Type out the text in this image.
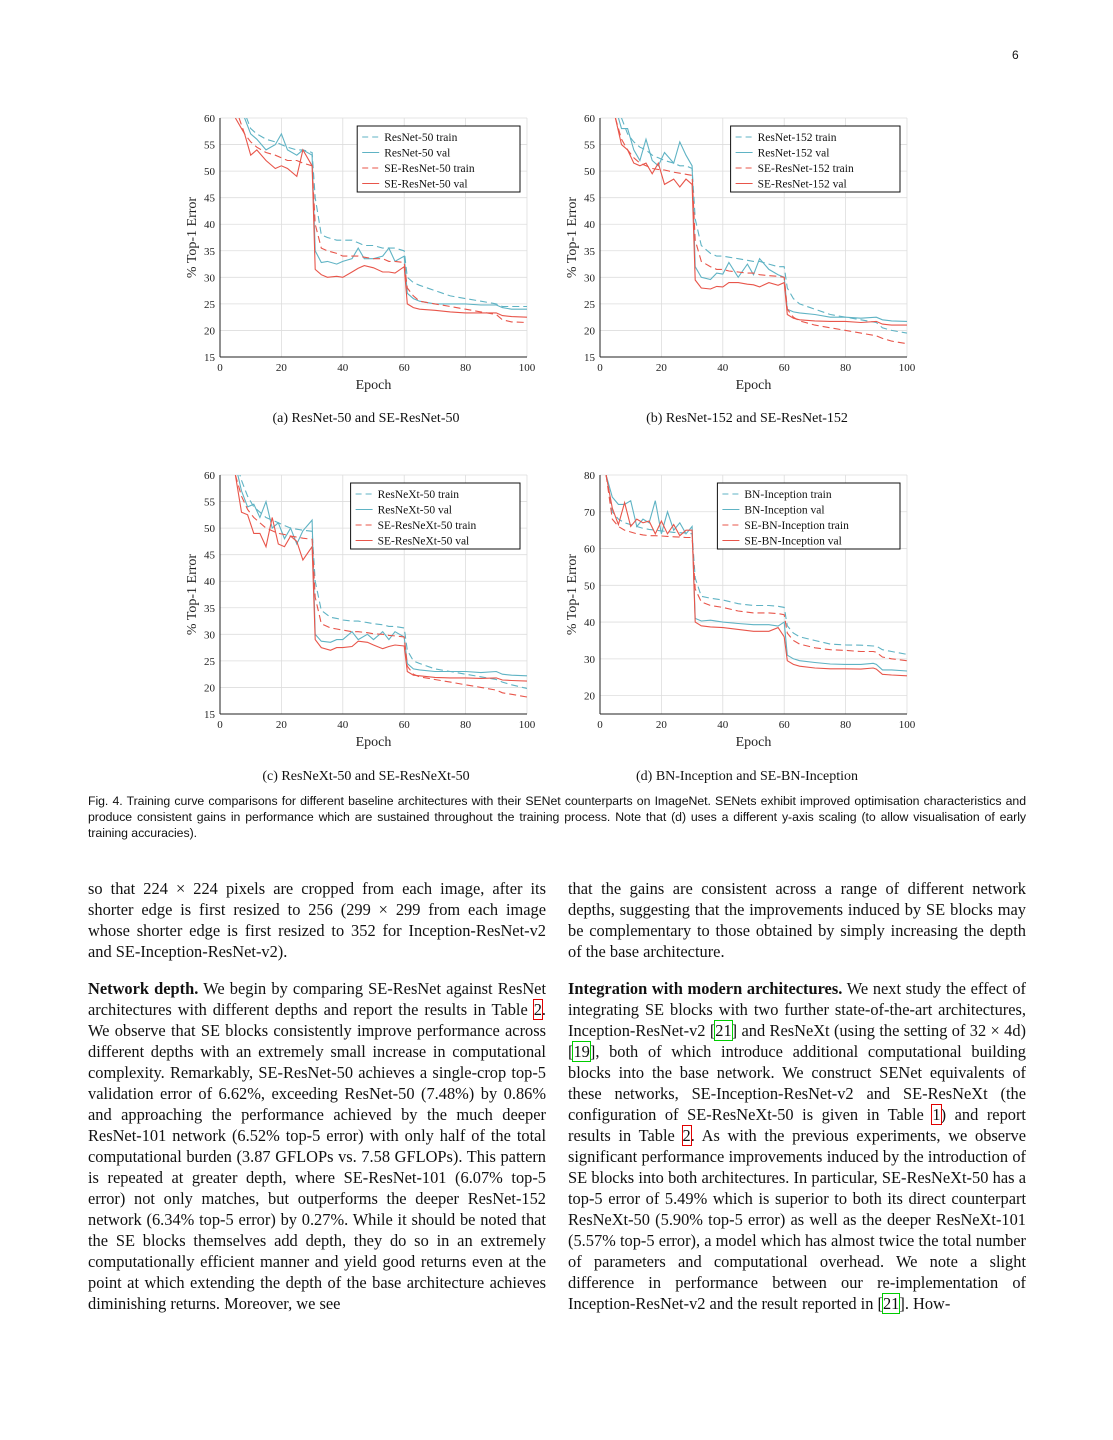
6
0	20	40	60	80	100
15
20
25
30
35
40
45
50
55
60
Epoch
% Top-1 Error
ResNet-50 train
ResNet-50 val
SE-ResNet-50 train
SE-ResNet-50 val
0	20	40	60	80	100
15
20
25
30
35
40
45
50
55
60
Epoch
% Top-1 Error
ResNet-152 train
ResNet-152 val
SE-ResNet-152 train
SE-ResNet-152 val
0	20	40	60	80	100
15
20
25
30
35
40
45
50
55
60
Epoch
% Top-1 Error
ResNeXt-50 train
ResNeXt-50 val
SE-ResNeXt-50 train
SE-ResNeXt-50 val
0	20	40	60	80	100
20
30
40
50
60
70
80
Epoch
% Top-1 Error
BN-Inception train
BN-Inception val
SE-BN-Inception train
SE-BN-Inception val
(a) ResNet-50 and SE-ResNet-50	(b) ResNet-152 and SE-ResNet-152
(c) ResNeXt-50 and SE-ResNeXt-50	(d) BN-Inception and SE-BN-Inception
Fig. 4. Training curve comparisons for different baseline architectures with their SENet counterparts on ImageNet. SENets exhibit improved optimisation characteristics and produce consistent gains in performance which are sustained throughout the training process. Note that (d) uses a different y-axis scaling (to allow visualisation of early training accuracies).

so that 224 × 224 pixels are cropped from each image, after its shorter edge is first resized to 256 (299 × 299 from each image whose shorter edge is first resized to 352 for Inception-ResNet-v2 and SE-Inception-ResNet-v2).

Network depth. We begin by comparing SE-ResNet against ResNet architectures with different depths and report the results in Table 2. We observe that SE blocks consistently improve performance across different depths with an extremely small increase in computational complexity. Remarkably, SE-ResNet-50 achieves a single-crop top-5 validation error of 6.62%, exceeding ResNet-50 (7.48%) by 0.86% and approaching the performance achieved by the much deeper ResNet-101 network (6.52% top-5 error) with only half of the total computational burden (3.87 GFLOPs vs. 7.58 GFLOPs). This pattern is repeated at greater depth, where SE-ResNet-101 (6.07% top-5 error) not only matches, but outperforms the deeper ResNet-152 network (6.34% top-5 error) by 0.27%. While it should be noted that the SE blocks themselves add depth, they do so in an extremely computationally efficient manner and yield good returns even at the point at which extending the depth of the base architecture achieves diminishing returns. Moreover, we see

that the gains are consistent across a range of different network depths, suggesting that the improvements induced by SE blocks may be complementary to those obtained by simply increasing the depth of the base architecture.

Integration with modern architectures. We next study the effect of integrating SE blocks with two further state-of-the-art architectures, Inception-ResNet-v2 [21] and ResNeXt (using the setting of 32 × 4d) [19], both of which introduce additional computational building blocks into the base network. We construct SENet equivalents of these networks, SE-Inception-ResNet-v2 and SE-ResNeXt (the configuration of SE-ResNeXt-50 is given in Table 1) and report results in Table 2. As with the previous experiments, we observe significant performance improvements induced by the introduction of SE blocks into both architectures. In particular, SE-ResNeXt-50 has a top-5 error of 5.49% which is superior to both its direct counterpart ResNeXt-50 (5.90% top-5 error) as well as the deeper ResNeXt-101 (5.57% top-5 error), a model which has almost twice the total number of parameters and computational overhead. We note a slight difference in performance between our re-implementation of Inception-ResNet-v2 and the result reported in [21]. How-
